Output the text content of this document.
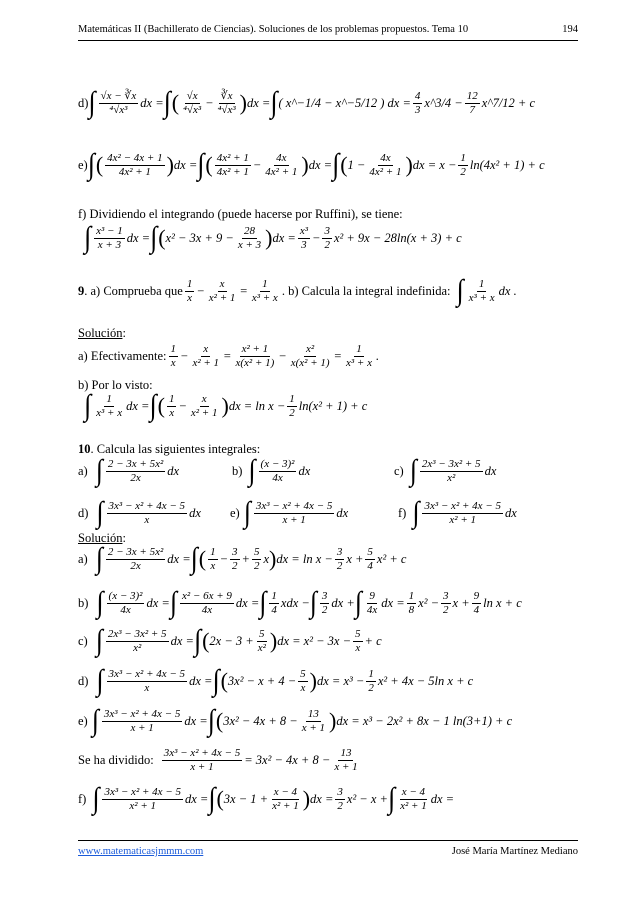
Matemáticas II (Bachillerato de Ciencias). Soluciones de los problemas propuestos. Tema 10	194
d) ∫ $\frac{√x - ∛x}{\text{⁴√x³}}$ dx = ∫ ( $\frac{√x}{\text{⁴√x³}} - \frac{∛x}{\text{⁴√x³}}$ ) dx = ∫ ( x^−1/4 − x^−5/12 ) dx = $\frac{4}{3}$ x^3/4 − $\frac{12}{7}$ x^7/12 + c
e) ∫ ( $\frac{\text{4x² − 4x + 1}}{\text{4x² + 1}}$ ) dx = ∫ ( $\frac{\text{4x² + 1}}{\text{4x² + 1}} - \frac{4x}{\text{4x² + 1}}$ ) dx = ∫ ( $1 - \frac{4x}{\text{4x² + 1}}$ ) dx = $x - \frac{1}{2} \ln(4x^2 + 1) + c$
f) Dividiendo el integrando (puede hacerse por Ruffini), se tiene:
∫ $\frac{\text{x³ − 1}}{x + 3}$ dx = ∫ ( $x^2 - 3x + 9 - \frac{28}{x + 3}$ ) dx = $\frac{\text{x³}}{3} - \frac{3}{2} x^2 + 9x - 28\ln(x + 3) + c$
9 . a) Comprueba que $\frac{1}{x} - \frac{x}{\text{x² + 1}} = \frac{1}{\text{x³ + x}}$ . b) Calcula la integral indefinida: ∫ $\frac{1}{\text{x³ + x}}$ dx .
Solución:
a) Efectivamente: $\frac{1}{x} - \frac{x}{\text{x² + 1}} = \frac{\text{x² + 1}}{\text{x(x² + 1)}} - \frac{\text{x²}}{\text{x(x² + 1)}} = \frac{1}{\text{x³ + x}}$ .
b) Por lo visto:
∫ $\frac{1}{\text{x³ + x}}$ dx = ∫ ( $\frac{1}{x} - \frac{x}{\text{x² + 1}}$ ) dx = $\ln x - \frac{1}{2} \ln(x^2 + 1) + c$
10. Calcula las siguientes integrales:
a) ∫ $\frac{\text{2 − 3x + 5x²}}{2x}$ dx	b) ∫ $\frac{\text{(x − 3)²}}{4x}$ dx	c) ∫ $\frac{\text{2x³ − 3x² + 5}}{\text{x²}}$ dx
d) ∫ $\frac{\text{3x³ − x² + 4x − 5}}{x}$ dx e) ∫ $\frac{\text{3x³ − x² + 4x − 5}}{x + 1}$ dx	f) ∫ $\frac{\text{3x³ − x² + 4x − 5}}{\text{x² + 1}}$ dx
Solución:
a) ∫ $\frac{\text{2 − 3x + 5x²}}{2x}$ dx = ∫ ( $\frac{1}{x} - \frac{3}{2} + \frac{5}{2}$ x ) dx = $\ln x - \frac{3}{2}$ $x + \frac{5}{4} x^2 + c$
b) ∫ $\frac{\text{(x − 3)²}}{4x}$ dx = ∫ $\frac{\text{x² − 6x + 9}}{4x}$ dx = ∫ $\frac{1}{4}$ xdx − ∫ $\frac{3}{2}$ dx + ∫ $\frac{9}{4x}$ dx = $\frac{1}{8} x^2 - \frac{3}{2}$ $x + \frac{9}{4}$ ln x + c
c) ∫ $\frac{\text{2x³ − 3x² + 5}}{\text{x²}}$ dx = ∫ ( $2x - 3 + \frac{5}{\text{x²}}$ ) dx = $x^2 - 3x - \frac{5}{x} + c$
d) ∫ $\frac{\text{3x³ − x² + 4x − 5}}{x}$ dx = ∫ ( $3x^2 - x + 4 - \frac{5}{x}$ ) dx = $x^3 - \frac{1}{2} x^2 + 4x - 5\ln$ x + c
e) ∫ $\frac{\text{3x³ − x² + 4x − 5}}{x + 1}$ dx = ∫ ( $3x^2 - 4x + 8 - \frac{13}{x + 1}$ ) dx = x³ − 2x² + 8x − 1 ln(3+1) + c
Se ha dividido: $\frac{\text{3x³ − x² + 4x − 5}}{x + 1} = 3x^2 - 4x + 8 - \frac{13}{x + 1}$
f) ∫ $\frac{\text{3x³ − x² + 4x − 5}}{\text{x² + 1}}$ dx = ∫ ( $3x - 1 + \frac{x - 4}{\text{x² + 1}}$ ) dx = $\frac{3}{2} x^2 - x$ + ∫ $\frac{x - 4}{\text{x² + 1}}$ dx =
www.matematicasjmmm.com	José María Martínez Mediano
